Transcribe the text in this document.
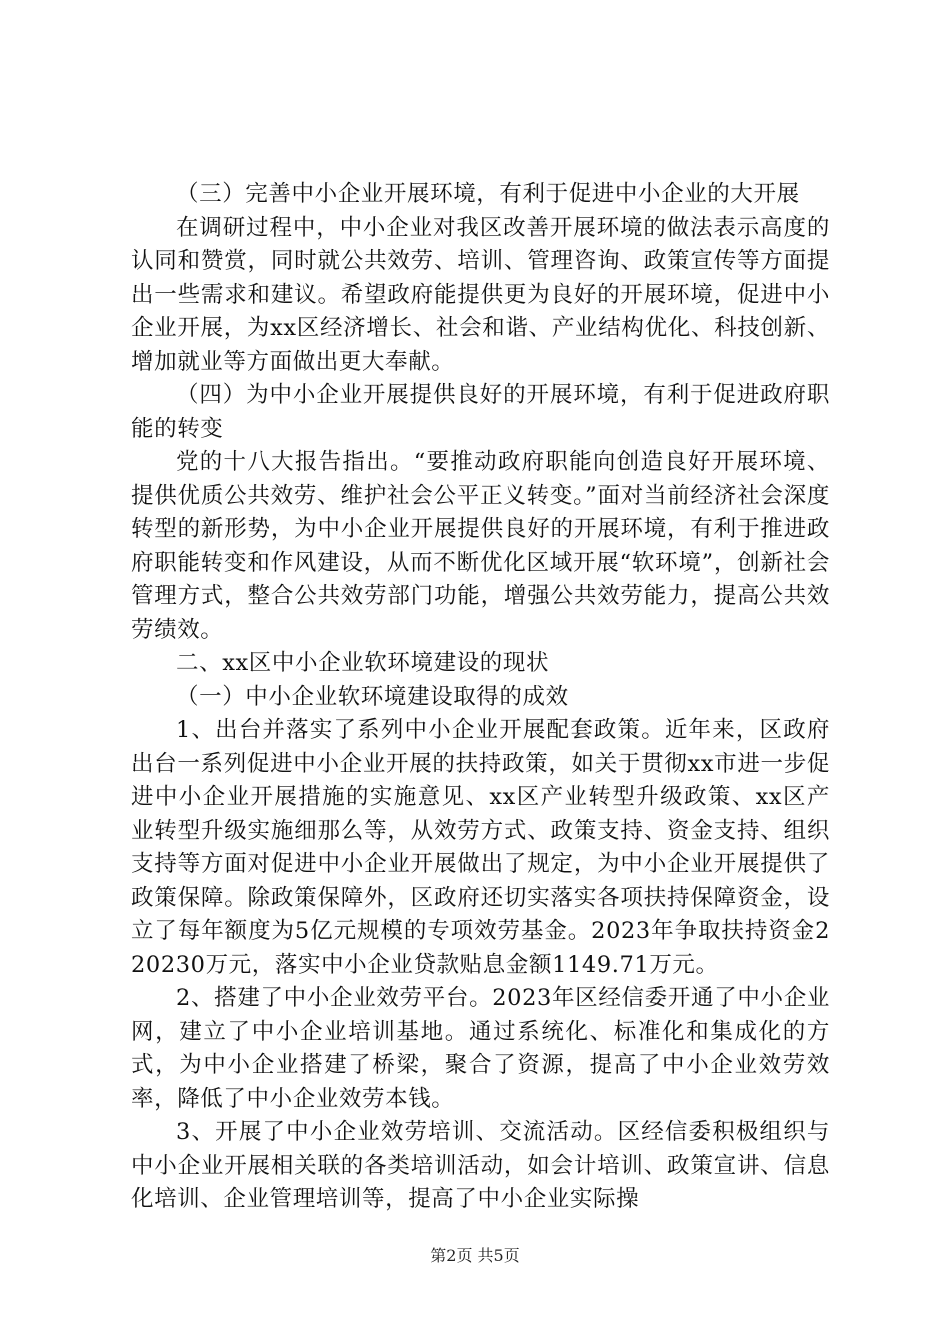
（三）完善中小企业开展环境，有利于促进中小企业的大开展

在调研过程中，中小企业对我区改善开展环境的做法表示高度的认同和赞赏，同时就公共效劳、培训、管理咨询、政策宣传等方面提出一些需求和建议。希望政府能提供更为良好的开展环境，促进中小企业开展，为xx区经济增长、社会和谐、产业结构优化、科技创新、增加就业等方面做出更大奉献。

（四）为中小企业开展提供良好的开展环境，有利于促进政府职能的转变

党的十八大报告指出。“要推动政府职能向创造良好开展环境、提供优质公共效劳、维护社会公平正义转变。”面对当前经济社会深度转型的新形势，为中小企业开展提供良好的开展环境，有利于推进政府职能转变和作风建设，从而不断优化区域开展“软环境”，创新社会管理方式，整合公共效劳部门功能，增强公共效劳能力，提高公共效劳绩效。

二、xx区中小企业软环境建设的现状

（一）中小企业软环境建设取得的成效

1、出台并落实了系列中小企业开展配套政策。近年来，区政府出台一系列促进中小企业开展的扶持政策，如关于贯彻xx市进一步促进中小企业开展措施的实施意见、xx区产业转型升级政策、xx区产业转型升级实施细那么等，从效劳方式、政策支持、资金支持、组织支持等方面对促进中小企业开展做出了规定，为中小企业开展提供了政策保障。除政策保障外，区政府还切实落实各项扶持保障资金，设立了每年额度为5亿元规模的专项效劳基金。2023年争取扶持资金220230万元，落实中小企业贷款贴息金额1149.71万元。

2、搭建了中小企业效劳平台。2023年区经信委开通了中小企业网，建立了中小企业培训基地。通过系统化、标准化和集成化的方式，为中小企业搭建了桥梁，聚合了资源，提高了中小企业效劳效率，降低了中小企业效劳本钱。

3、开展了中小企业效劳培训、交流活动。区经信委积极组织与中小企业开展相关联的各类培训活动，如会计培训、政策宣讲、信息化培训、企业管理培训等，提高了中小企业实际操

第2页 共5页
